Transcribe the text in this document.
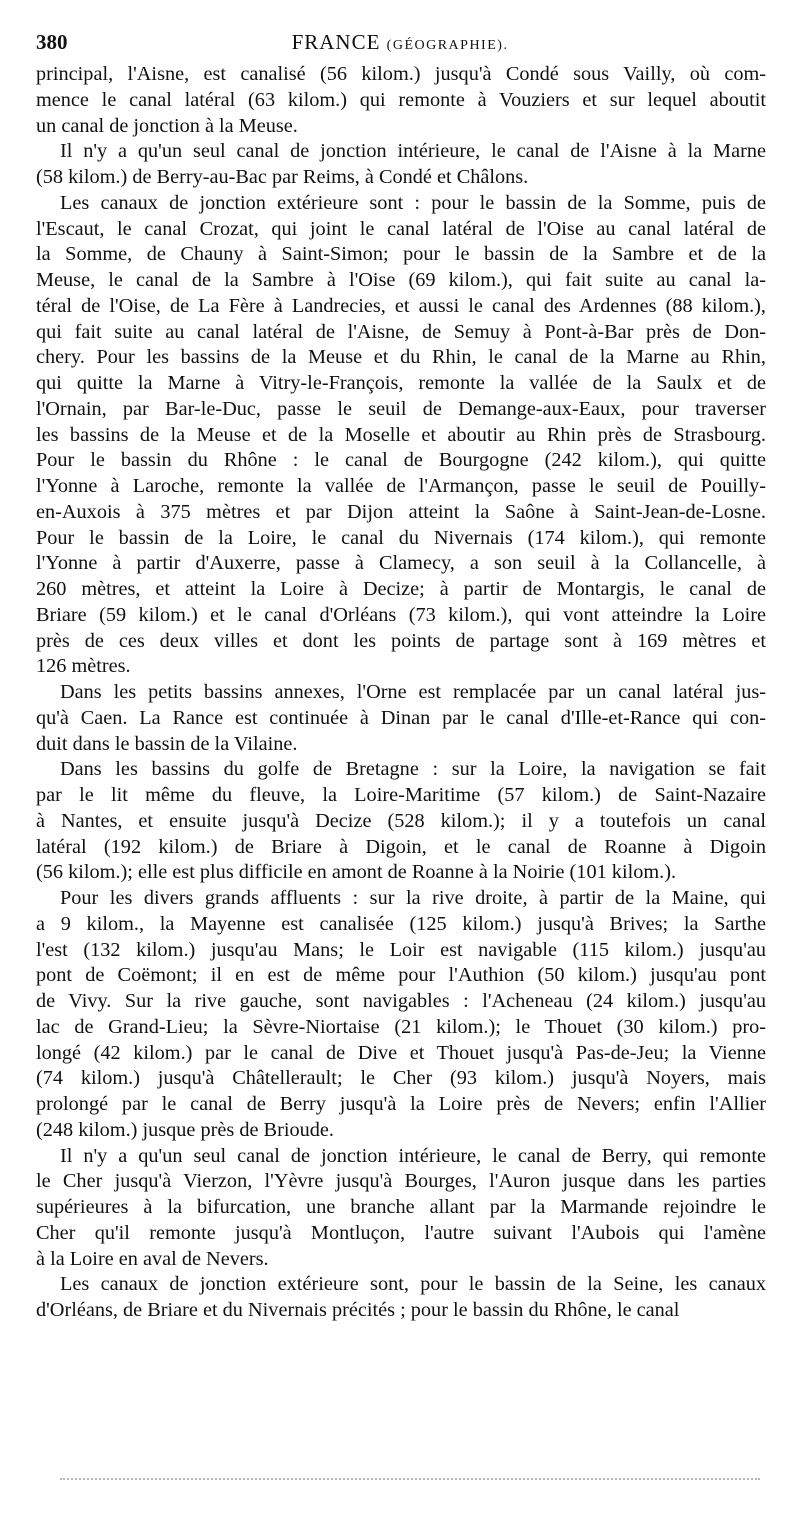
380	FRANCE (GÉOGRAPHIE).
principal, l'Aisne, est canalisé (56 kilom.) jusqu'à Condé sous Vailly, où com-
mence le canal latéral (63 kilom.) qui remonte à Vouziers et sur lequel aboutit
un canal de jonction à la Meuse.
Il n'y a qu'un seul canal de jonction intérieure, le canal de l'Aisne à la Marne
(58 kilom.) de Berry-au-Bac par Reims, à Condé et Châlons.
Les canaux de jonction extérieure sont : pour le bassin de la Somme, puis de
l'Escaut, le canal Crozat, qui joint le canal latéral de l'Oise au canal latéral de
la Somme, de Chauny à Saint-Simon; pour le bassin de la Sambre et de la
Meuse, le canal de la Sambre à l'Oise (69 kilom.), qui fait suite au canal la-
téral de l'Oise, de La Fère à Landrecies, et aussi le canal des Ardennes (88 kilom.),
qui fait suite au canal latéral de l'Aisne, de Semuy à Pont-à-Bar près de Don-
chery. Pour les bassins de la Meuse et du Rhin, le canal de la Marne au Rhin,
qui quitte la Marne à Vitry-le-François, remonte la vallée de la Saulx et de
l'Ornain, par Bar-le-Duc, passe le seuil de Demange-aux-Eaux, pour traverser
les bassins de la Meuse et de la Moselle et aboutir au Rhin près de Strasbourg.
Pour le bassin du Rhône : le canal de Bourgogne (242 kilom.), qui quitte
l'Yonne à Laroche, remonte la vallée de l'Armançon, passe le seuil de Pouilly-
en-Auxois à 375 mètres et par Dijon atteint la Saône à Saint-Jean-de-Losne.
Pour le bassin de la Loire, le canal du Nivernais (174 kilom.), qui remonte
l'Yonne à partir d'Auxerre, passe à Clamecy, a son seuil à la Collancelle, à
260 mètres, et atteint la Loire à Decize; à partir de Montargis, le canal de
Briare (59 kilom.) et le canal d'Orléans (73 kilom.), qui vont atteindre la Loire
près de ces deux villes et dont les points de partage sont à 169 mètres et
126 mètres.
Dans les petits bassins annexes, l'Orne est remplacée par un canal latéral jus-
qu'à Caen. La Rance est continuée à Dinan par le canal d'Ille-et-Rance qui con-
duit dans le bassin de la Vilaine.
Dans les bassins du golfe de Bretagne : sur la Loire, la navigation se fait
par le lit même du fleuve, la Loire-Maritime (57 kilom.) de Saint-Nazaire
à Nantes, et ensuite jusqu'à Decize (528 kilom.); il y a toutefois un canal
latéral (192 kilom.) de Briare à Digoin, et le canal de Roanne à Digoin
(56 kilom.); elle est plus difficile en amont de Roanne à la Noirie (101 kilom.).
Pour les divers grands affluents : sur la rive droite, à partir de la Maine, qui
a 9 kilom., la Mayenne est canalisée (125 kilom.) jusqu'à Brives; la Sarthe
l'est (132 kilom.) jusqu'au Mans; le Loir est navigable (115 kilom.) jusqu'au
pont de Coëmont; il en est de même pour l'Authion (50 kilom.) jusqu'au pont
de Vivy. Sur la rive gauche, sont navigables : l'Acheneau (24 kilom.) jusqu'au
lac de Grand-Lieu; la Sèvre-Niortaise (21 kilom.); le Thouet (30 kilom.) pro-
longé (42 kilom.) par le canal de Dive et Thouet jusqu'à Pas-de-Jeu; la Vienne
(74 kilom.) jusqu'à Châtellerault; le Cher (93 kilom.) jusqu'à Noyers, mais
prolongé par le canal de Berry jusqu'à la Loire près de Nevers; enfin l'Allier
(248 kilom.) jusque près de Brioude.
Il n'y a qu'un seul canal de jonction intérieure, le canal de Berry, qui remonte
le Cher jusqu'à Vierzon, l'Yèvre jusqu'à Bourges, l'Auron jusque dans les parties
supérieures à la bifurcation, une branche allant par la Marmande rejoindre le
Cher qu'il remonte jusqu'à Montluçon, l'autre suivant l'Aubois qui l'amène
à la Loire en aval de Nevers.
Les canaux de jonction extérieure sont, pour le bassin de la Seine, les canaux
d'Orléans, de Briare et du Nivernais précités ; pour le bassin du Rhône, le canal
